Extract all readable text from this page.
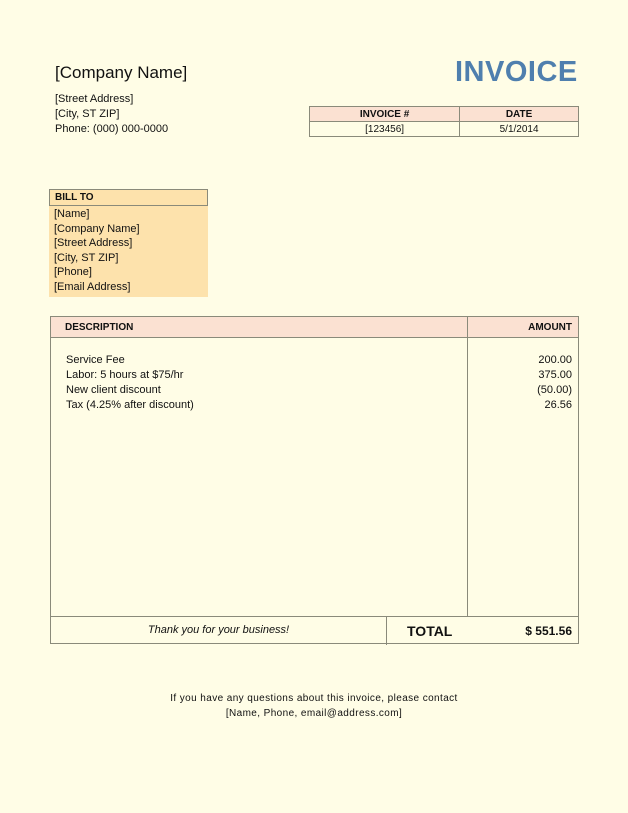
[Company Name]
[Street Address]
[City, ST ZIP]
Phone: (000) 000-0000
INVOICE
INVOICE #	DATE
[123456]	5/1/2014
BILL TO
[Name]
[Company Name]
[Street Address]
[City, ST ZIP]
[Phone]
[Email Address]
DESCRIPTION	AMOUNT
Service Fee	200.00
Labor: 5 hours at $75/hr	375.00
New client discount	(50.00)
Tax (4.25% after discount)	26.56
Thank you for your business!	TOTAL	$ 551.56
If you have any questions about this invoice, please contact
[Name, Phone, email@address.com]
